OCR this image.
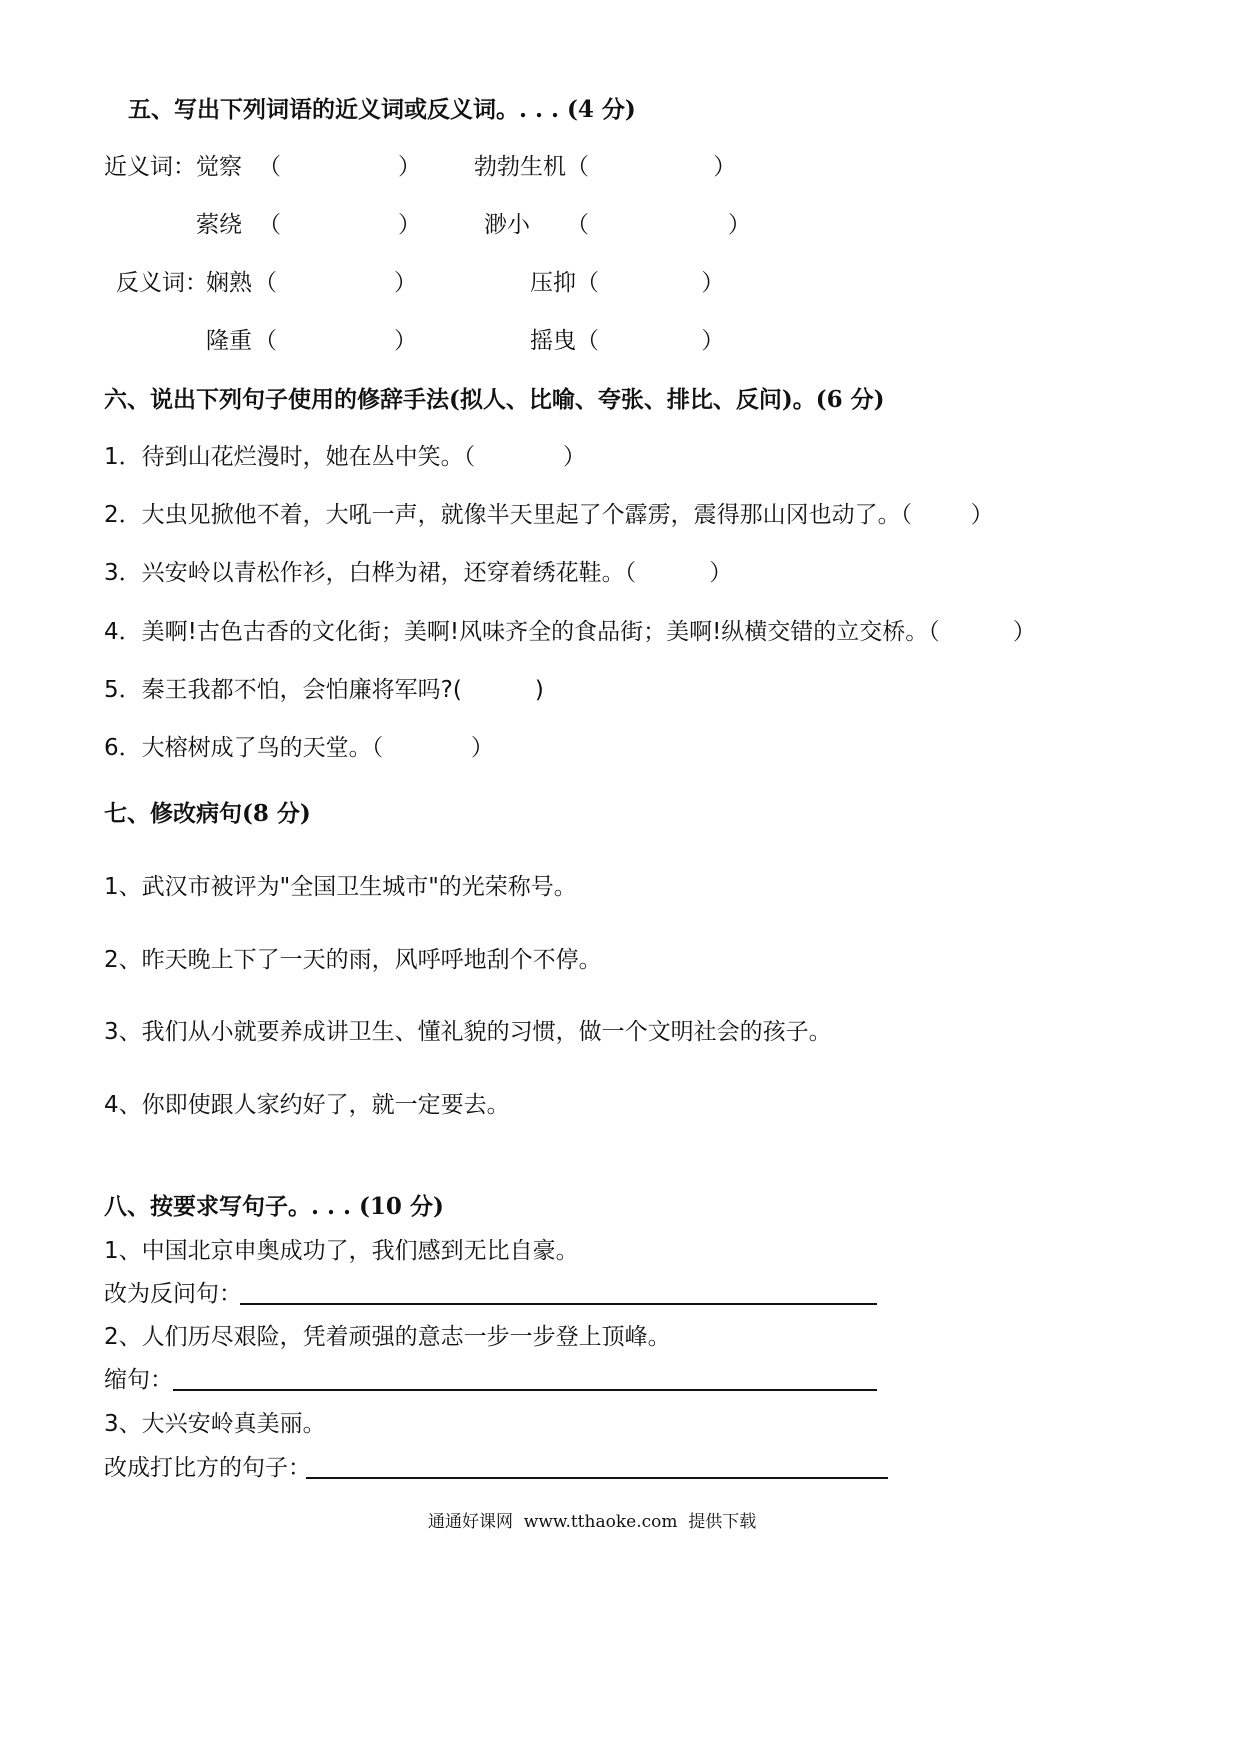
五、写出下列词语的近义词或反义词。. . . (4 分)
近义词： 觉察 （                ） 勃勃生机 （                 ）
萦绕 （                ）	渺小 （                   ）
反义词：
娴熟 （                ）	压抑 （              ）
隆重 （                ）	摇曳 （              ）
六、说出下列句子使用的修辞手法(拟人、比喻、夸张、排比、反问)。(6 分)
1．待到山花烂漫时，她在丛中笑。（            ）
2．大虫见掀他不着，大吼一声，就像半天里起了个霹雳，震得那山冈也动了。（        ）
3．兴安岭以青松作衫，白桦为裙，还穿着绣花鞋。（          ）
4．美啊!古色古香的文化街；美啊!风味齐全的食品街；美啊!纵横交错的立交桥。（          ）
5．秦王我都不怕，会怕廉将军吗?(          )
6．大榕树成了鸟的天堂。（            ）
七、修改病句(8 分)
1、武汉市被评为"全国卫生城市"的光荣称号。
2、昨天晚上下了一天的雨，风呼呼地刮个不停。
3、我们从小就要养成讲卫生、懂礼貌的习惯，做一个文明社会的孩子。
4、你即使跟人家约好了，就一定要去。
八、按要求写句子。. . . (10 分)
1、中国北京申奥成功了，我们感到无比自豪。
改为反问句：
2、人们历尽艰险，凭着顽强的意志一步一步登上顶峰。
缩句：
3、大兴安岭真美丽。
改成打比方的句子：
通通好课网  www.tthaoke.com  提供下载
